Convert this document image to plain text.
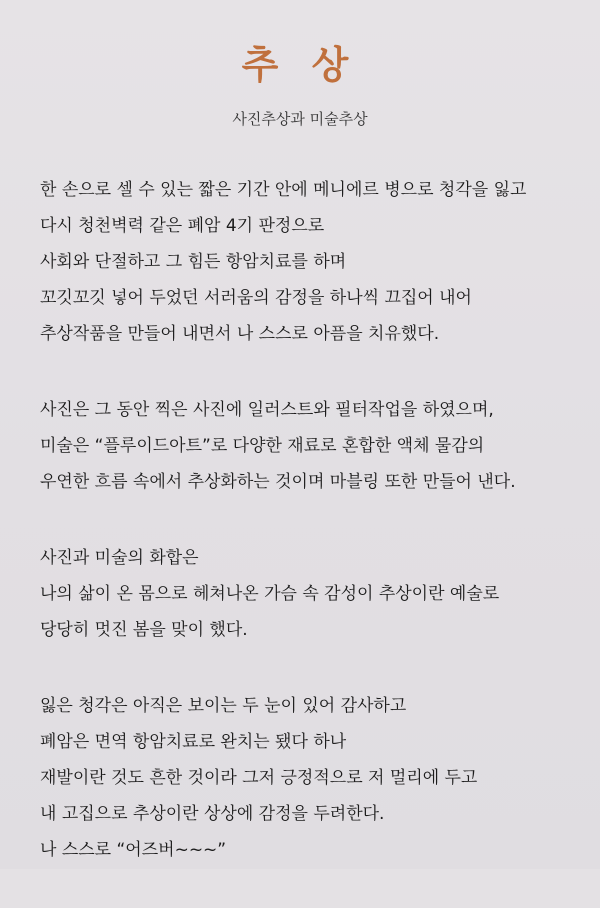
추 상
사진추상과 미술추상
한 손으로 셀 수 있는 짧은 기간 안에 메니에르 병으로 청각을 잃고
다시 청천벽력 같은 폐암 4기 판정으로
사회와 단절하고 그 힘든 항암치료를 하며
꼬깃꼬깃 넣어 두었던 서러움의 감정을 하나씩 끄집어 내어
추상작품을 만들어 내면서 나 스스로 아픔을 치유했다.
사진은 그 동안 찍은 사진에 일러스트와 필터작업을 하였으며,
미술은 “플루이드아트”로 다양한 재료로 혼합한 액체 물감의
우연한 흐름 속에서 추상화하는 것이며 마블링 또한 만들어 낸다.
사진과 미술의 화합은
나의 삶이 온 몸으로 헤쳐나온 가슴 속 감성이 추상이란 예술로
당당히 멋진 봄을 맞이 했다.
잃은 청각은 아직은 보이는 두 눈이 있어 감사하고
폐암은 면역 항암치료로 완치는 됐다 하나
재발이란 것도 흔한 것이라 그저 긍정적으로 저 멀리에 두고
내 고집으로 추상이란 상상에 감정을 두려한다.
나 스스로 “어즈버~~~”
